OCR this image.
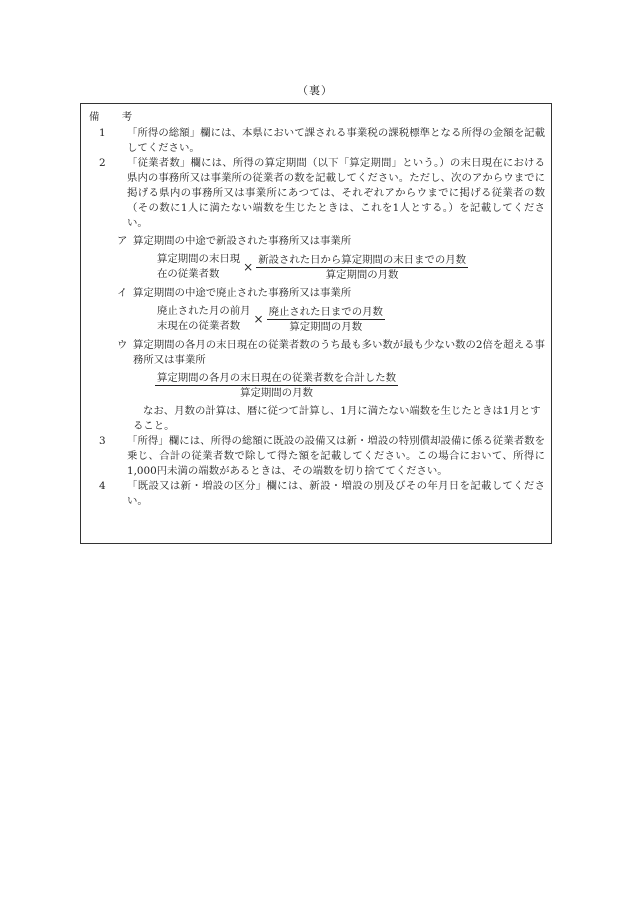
（裏）
備　考
1 「所得の総額」欄には、本県において課される事業税の課税標準となる所得の金額を記載してください。
2 「従業者数」欄には、所得の算定期間（以下「算定期間」という。）の末日現在における県内の事務所又は事業所の従業者の数を記載してください。ただし、次のアからウまでに掲げる県内の事務所又は事業所にあつては、それぞれアからウまでに掲げる従業者の数（その数に1人に満たない端数を生じたときは、これを1人とする。）を記載してください。
ア 算定期間の中途で新設された事務所又は事業所
算定期間の末日現
在の従業者数
× $\frac{\text{新設された日から算定期間の末日までの月数}}{\text{算定期間の月数}}$
イ 算定期間の中途で廃止された事務所又は事業所
廃止された月の前月
末現在の従業者数
× $\frac{\text{廃止された日までの月数}}{\text{算定期間の月数}}$
ウ 算定期間の各月の末日現在の従業者数のうち最も多い数が最も少ない数の2倍を超える事務所又は事業所
$\frac{\text{算定期間の各月の末日現在の従業者数を合計した数}}{\text{算定期間の月数}}$
なお、月数の計算は、暦に従つて計算し、1月に満たない端数を生じたときは1月とすること。
3 「所得」欄には、所得の総額に既設の設備又は新・増設の特別償却設備に係る従業者数を乗じ、合計の従業者数で除して得た額を記載してください。この場合において、所得に1,000円未満の端数があるときは、その端数を切り捨ててください。
4 「既設又は新・増設の区分」欄には、新設・増設の別及びその年月日を記載してください。
